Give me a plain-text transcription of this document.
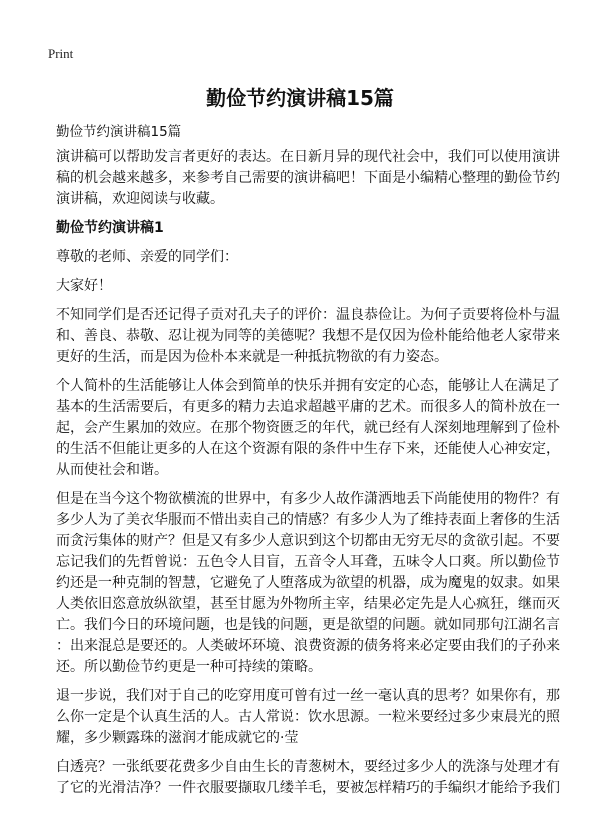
Print
勤俭节约演讲稿15篇
勤俭节约演讲稿15篇
演讲稿可以帮助发言者更好的表达。在日新月异的现代社会中，我们可以使用演讲
稿的机会越来越多，来参考自己需要的演讲稿吧！下面是小编精心整理的勤俭节约
演讲稿，欢迎阅读与收藏。
勤俭节约演讲稿1
尊敬的老师、亲爱的同学们：
大家好！
不知同学们是否还记得子贡对孔夫子的评价：温良恭俭让。为何子贡要将俭朴与温
和、善良、恭敬、忍让视为同等的美德呢？我想不是仅因为俭朴能给他老人家带来
更好的生活，而是因为俭朴本来就是一种抵抗物欲的有力姿态。
个人简朴的生活能够让人体会到简单的快乐并拥有安定的心态，能够让人在满足了
基本的生活需要后，有更多的精力去追求超越平庸的艺术。而很多人的简朴放在一
起，会产生累加的效应。在那个物资匮乏的年代，就已经有人深刻地理解到了俭朴
的生活不但能让更多的人在这个资源有限的条件中生存下来，还能使人心神安定，
从而使社会和谐。
但是在当今这个物欲横流的世界中，有多少人故作潇洒地丢下尚能使用的物件？有
多少人为了美衣华服而不惜出卖自己的情感？有多少人为了维持表面上奢侈的生活
而贪污集体的财产？但是又有多少人意识到这个切都由无穷无尽的贪欲引起。不要
忘记我们的先哲曾说：五色令人目盲，五音令人耳聋，五味令人口爽。所以勤俭节
约还是一种克制的智慧，它避免了人堕落成为欲望的机器，成为魔鬼的奴隶。如果
人类依旧恣意放纵欲望，甚至甘愿为外物所主宰，结果必定先是人心疯狂，继而灭
亡。我们今日的环境问题，也是钱的问题，更是欲望的问题。就如同那句江湖名言
：出来混总是要还的。人类破坏环境、浪费资源的债务将来必定要由我们的子孙来
还。所以勤俭节约更是一种可持续的策略。
退一步说，我们对于自己的吃穿用度可曾有过一丝一毫认真的思考？如果你有，那
么你一定是个认真生活的人。古人常说：饮水思源。一粒米要经过多少束晨光的照
耀，多少颗露珠的滋润才能成就它的·莹
白透亮？一张纸要花费多少自由生长的青葱树木，要经过多少人的洗涤与处理才有
了它的光滑洁净？一件衣服要撷取几缕羊毛，要被怎样精巧的手编织才能给予我们
